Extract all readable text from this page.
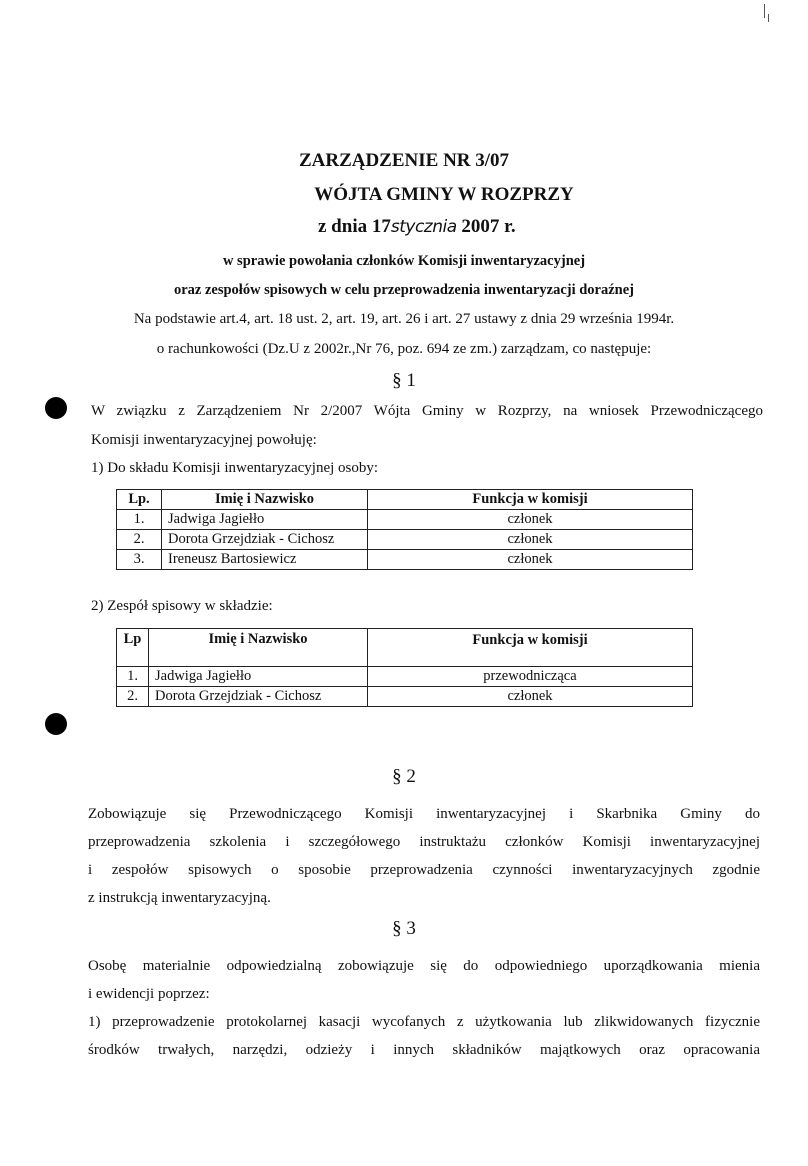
ZARZĄDZENIE NR 3/07
WÓJTA GMINY W ROZPRZY
z dnia 17stycznia 2007 r.
w sprawie powołania członków Komisji inwentaryzacyjnej
oraz zespołów spisowych w celu przeprowadzenia inwentaryzacji doraźnej
Na podstawie art.4, art. 18 ust. 2, art. 19, art. 26 i art. 27 ustawy z dnia 29 września 1994r.
o rachunkowości (Dz.U z 2002r.,Nr 76, poz. 694 ze zm.) zarządzam, co następuje:
§ 1
W związku z Zarządzeniem Nr 2/2007 Wójta Gminy w Rozprzy, na wniosek Przewodniczącego
Komisji inwentaryzacyjnej powołuję:
1) Do składu Komisji inwentaryzacyjnej osoby:
Lp.	Imię i Nazwisko	Funkcja w komisji
1.	Jadwiga Jagiełło	członek
2.	Dorota Grzejdziak - Cichosz	członek
3.	Ireneusz Bartosiewicz	członek
2) Zespół spisowy w składzie:
Lp	Imię i Nazwisko	Funkcja w komisji
1.	Jadwiga Jagiełło	przewodnicząca
2.	Dorota Grzejdziak - Cichosz	członek
§ 2
Zobowiązuje się Przewodniczącego Komisji inwentaryzacyjnej i Skarbnika Gminy do
przeprowadzenia szkolenia i szczegółowego instruktażu członków Komisji inwentaryzacyjnej
i zespołów spisowych o sposobie przeprowadzenia czynności inwentaryzacyjnych zgodnie
z instrukcją inwentaryzacyjną.
§ 3
Osobę materialnie odpowiedzialną zobowiązuje się do odpowiedniego uporządkowania mienia
i ewidencji poprzez:
1) przeprowadzenie protokolarnej kasacji wycofanych z użytkowania lub zlikwidowanych fizycznie
środków trwałych, narzędzi, odzieży i innych składników majątkowych oraz opracowania
